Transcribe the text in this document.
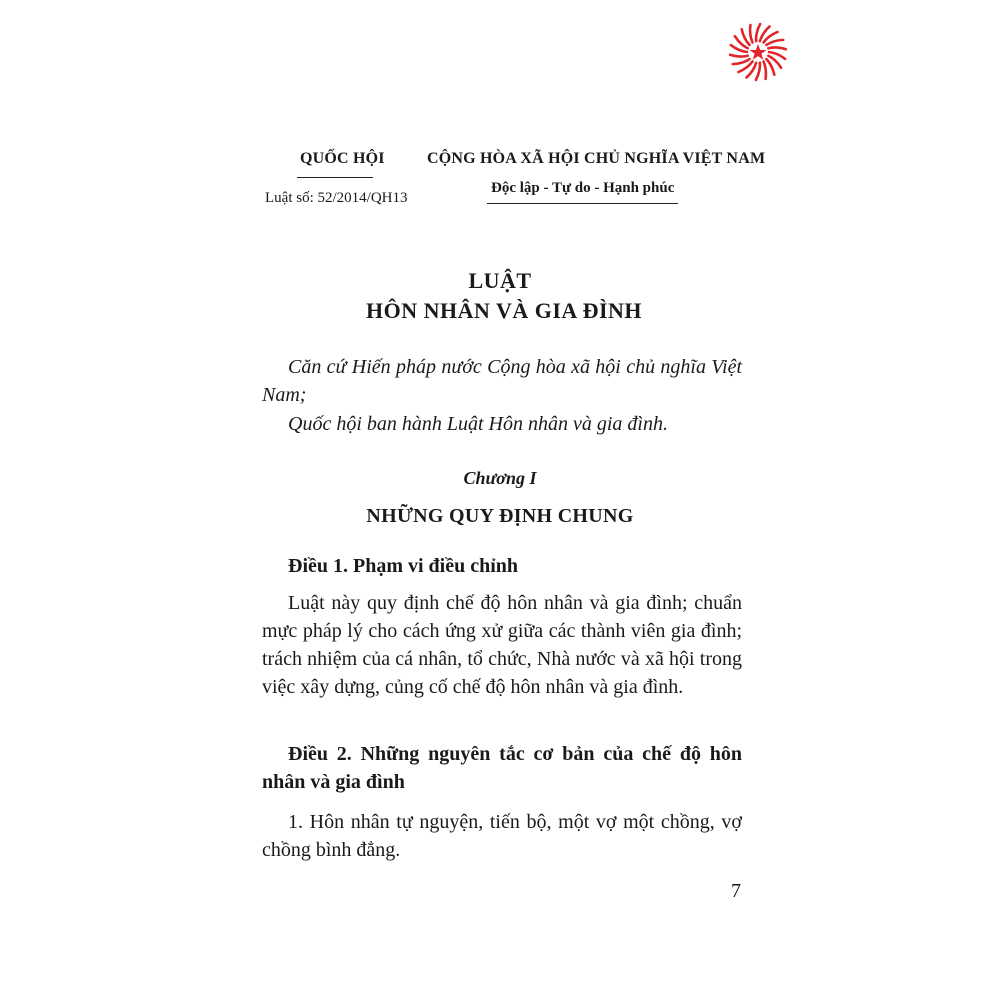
QUỐC HỘI
Luật số: 52/2014/QH13
CỘNG HÒA XÃ HỘI CHỦ NGHĨA VIỆT NAM
Độc lập - Tự do - Hạnh phúc
LUẬT
HÔN NHÂN VÀ GIA ĐÌNH
Căn cứ Hiến pháp nước Cộng hòa xã hội chủ nghĩa Việt Nam;
Quốc hội ban hành Luật Hôn nhân và gia đình.
Chương I
NHỮNG QUY ĐỊNH CHUNG
Điều 1. Phạm vi điều chỉnh
Luật này quy định chế độ hôn nhân và gia đình; chuẩn mực pháp lý cho cách ứng xử giữa các thành viên gia đình; trách nhiệm của cá nhân, tổ chức, Nhà nước và xã hội trong việc xây dựng, củng cố chế độ hôn nhân và gia đình.
Điều 2. Những nguyên tắc cơ bản của chế độ hôn nhân và gia đình
1. Hôn nhân tự nguyện, tiến bộ, một vợ một chồng, vợ chồng bình đẳng.
7
